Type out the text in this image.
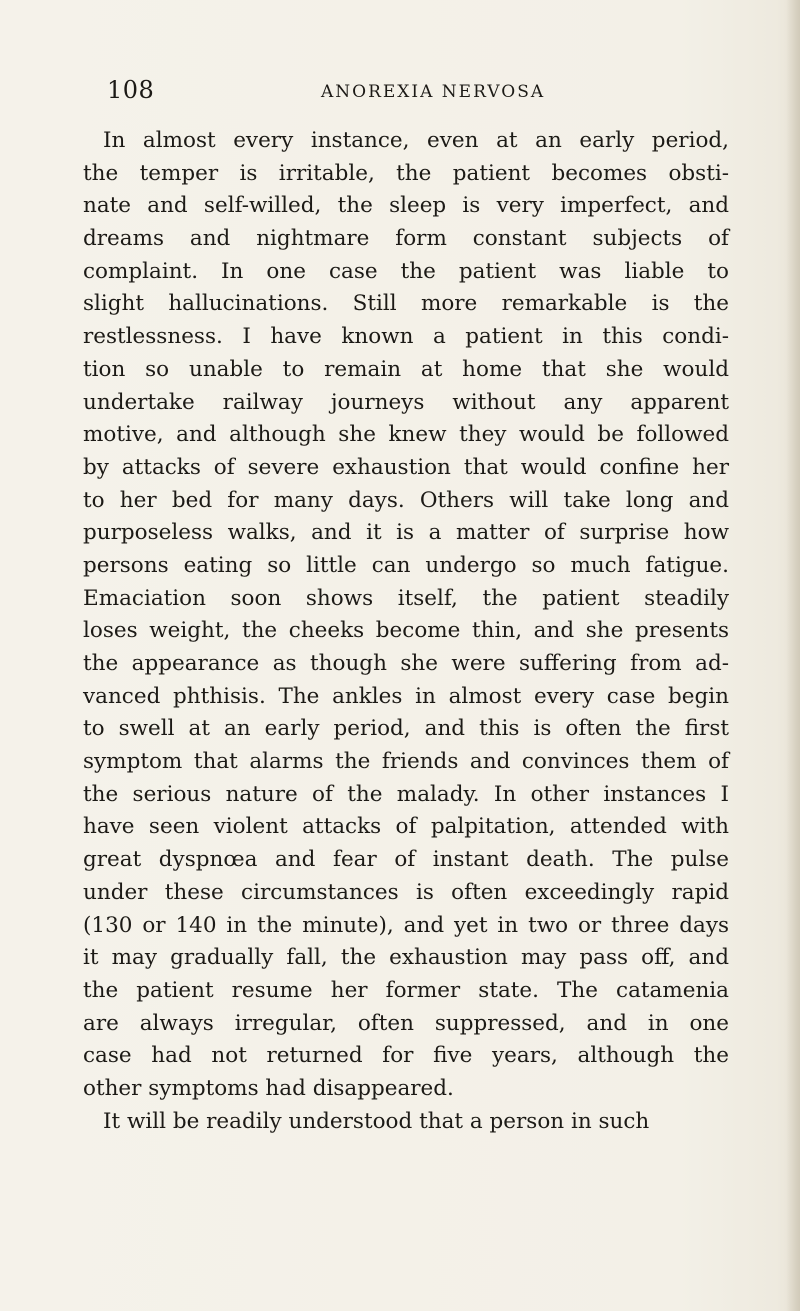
108	ANOREXIA NERVOSA
In almost every instance, even at an early period,
the temper is irritable, the patient becomes obsti-
nate and self-willed, the sleep is very imperfect, and
dreams and nightmare form constant subjects of
complaint. In one case the patient was liable to
slight hallucinations. Still more remarkable is the
restlessness. I have known a patient in this condi-
tion so unable to remain at home that she would
undertake railway journeys without any apparent
motive, and although she knew they would be followed
by attacks of severe exhaustion that would confine her
to her bed for many days. Others will take long and
purposeless walks, and it is a matter of surprise how
persons eating so little can undergo so much fatigue.
Emaciation soon shows itself, the patient steadily
loses weight, the cheeks become thin, and she presents
the appearance as though she were suffering from ad-
vanced phthisis. The ankles in almost every case begin
to swell at an early period, and this is often the first
symptom that alarms the friends and convinces them of
the serious nature of the malady. In other instances I
have seen violent attacks of palpitation, attended with
great dyspnœa and fear of instant death. The pulse
under these circumstances is often exceedingly rapid
(130 or 140 in the minute), and yet in two or three days
it may gradually fall, the exhaustion may pass off, and
the patient resume her former state. The catamenia
are always irregular, often suppressed, and in one
case had not returned for five years, although the
other symptoms had disappeared.
It will be readily understood that a person in such
